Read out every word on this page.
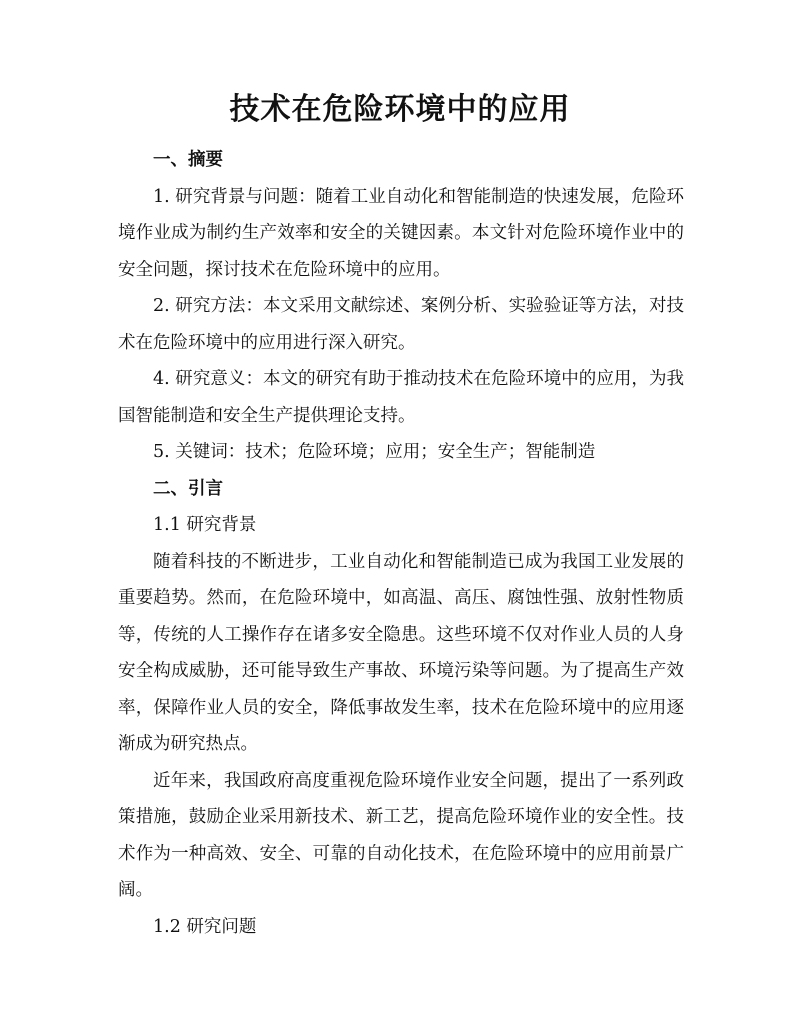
技术在危险环境中的应用

一、摘要

1. 研究背景与问题：随着工业自动化和智能制造的快速发展，危险环境作业成为制约生产效率和安全的关键因素。本文针对危险环境作业中的安全问题，探讨技术在危险环境中的应用。

2. 研究方法：本文采用文献综述、案例分析、实验验证等方法，对技术在危险环境中的应用进行深入研究。

4. 研究意义：本文的研究有助于推动技术在危险环境中的应用，为我国智能制造和安全生产提供理论支持。

5. 关键词：技术；危险环境；应用；安全生产；智能制造

二、引言

1.1 研究背景

随着科技的不断进步，工业自动化和智能制造已成为我国工业发展的重要趋势。然而，在危险环境中，如高温、高压、腐蚀性强、放射性物质等，传统的人工操作存在诸多安全隐患。这些环境不仅对作业人员的人身安全构成威胁，还可能导致生产事故、环境污染等问题。为了提高生产效率，保障作业人员的安全，降低事故发生率，技术在危险环境中的应用逐渐成为研究热点。

近年来，我国政府高度重视危险环境作业安全问题，提出了一系列政策措施，鼓励企业采用新技术、新工艺，提高危险环境作业的安全性。技术作为一种高效、安全、可靠的自动化技术，在危险环境中的应用前景广阔。

1.2 研究问题
